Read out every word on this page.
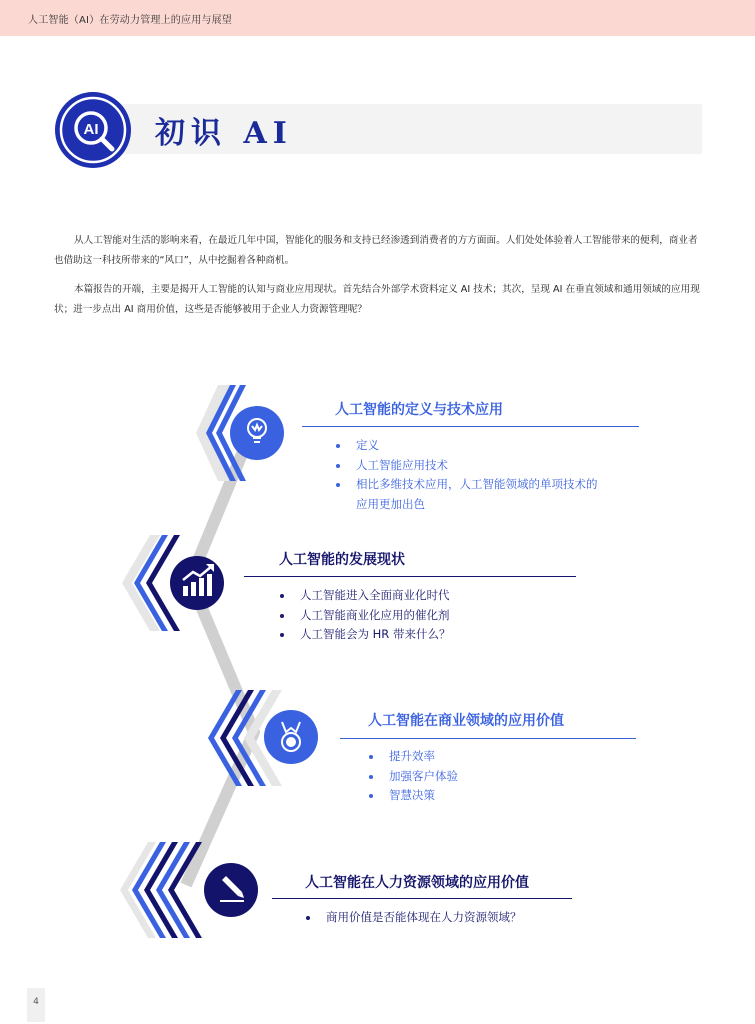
人工智能（AI）在劳动力管理上的应用与展望
AI 初识 AI

从人工智能对生活的影响来看，在最近几年中国，智能化的服务和支持已经渗透到消费者的方方面面。人们处处体验着人工智能带来的便利，商业者也借助这一科技所带来的“风口”，从中挖掘着各种商机。

本篇报告的开端，主要是揭开人工智能的认知与商业应用现状。首先结合外部学术资料定义 AI 技术；其次，呈现 AI 在垂直领域和通用领域的应用现状；进一步点出 AI 商用价值，这些是否能够被用于企业人力资源管理呢？

人工智能的定义与技术应用
定义
人工智能应用技术
相比多维技术应用，人工智能领域的单项技术的
应用更加出色
人工智能的发展现状
人工智能进入全面商业化时代
人工智能商业化应用的催化剂
人工智能会为 HR 带来什么？
人工智能在商业领域的应用价值
提升效率
加强客户体验
智慧决策
人工智能在人力资源领域的应用价值
商用价值是否能体现在人力资源领域？
4
